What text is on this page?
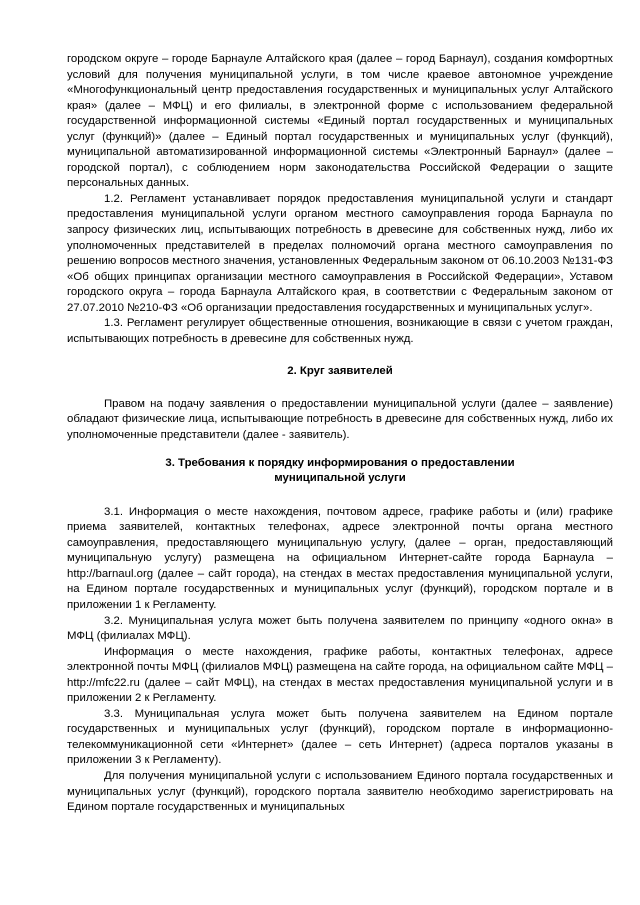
городском округе – городе Барнауле Алтайского края (далее – город Барнаул), создания комфортных условий для получения муниципальной услуги, в том числе краевое автономное учреждение «Многофункциональный центр предоставления государственных и муниципальных услуг Алтайского края» (далее – МФЦ) и его филиалы, в электронной форме с использованием федеральной государственной информационной системы «Единый портал государственных и муниципальных услуг (функций)» (далее – Единый портал государственных и муниципальных услуг (функций), муниципальной автоматизированной информационной системы «Электронный Барнаул» (далее – городской портал), с соблюдением норм законодательства Российской Федерации о защите персональных данных.

1.2. Регламент устанавливает порядок предоставления муниципальной услуги и стандарт предоставления муниципальной услуги органом местного самоуправления города Барнаула по запросу физических лиц, испытывающих потребность в древесине для собственных нужд, либо их уполномоченных представителей в пределах полномочий органа местного самоуправления по решению вопросов местного значения, установленных Федеральным законом от 06.10.2003 №131-ФЗ «Об общих принципах организации местного самоуправления в Российской Федерации», Уставом городского округа – города Барнаула Алтайского края, в соответствии с Федеральным законом от 27.07.2010 №210-ФЗ «Об организации предоставления государственных и муниципальных услуг».

1.3. Регламент регулирует общественные отношения, возникающие в связи с учетом граждан, испытывающих потребность в древесине для собственных нужд.

2. Круг заявителей

Правом на подачу заявления о предоставлении муниципальной услуги (далее – заявление) обладают физические лица, испытывающие потребность в древесине для собственных нужд, либо их уполномоченные представители (далее - заявитель).

3. Требования к порядку информирования о предоставлении
муниципальной услуги

3.1. Информация о месте нахождения, почтовом адресе, графике работы и (или) графике приема заявителей, контактных телефонах, адресе электронной почты органа местного самоуправления, предоставляющего муниципальную услугу, (далее – орган, предоставляющий муниципальную услугу) размещена на официальном Интернет-сайте города Барнаула – http://barnaul.org (далее – сайт города), на стендах в местах предоставления муниципальной услуги, на Едином портале государственных и муниципальных услуг (функций), городском портале и в приложении 1 к Регламенту.

3.2. Муниципальная услуга может быть получена заявителем по принципу «одного окна» в МФЦ (филиалах МФЦ).

Информация о месте нахождения, графике работы, контактных телефонах, адресе электронной почты МФЦ (филиалов МФЦ) размещена на сайте города, на официальном сайте МФЦ – http://mfc22.ru (далее – сайт МФЦ), на стендах в местах предоставления муниципальной услуги и в приложении 2 к Регламенту.

3.3. Муниципальная услуга может быть получена заявителем на Едином портале государственных и муниципальных услуг (функций), городском портале в информационно-телекоммуникационной сети «Интернет» (далее – сеть Интернет) (адреса порталов указаны в приложении 3 к Регламенту).

Для получения муниципальной услуги с использованием Единого портала государственных и муниципальных услуг (функций), городского портала заявителю необходимо зарегистрировать на Едином портале государственных и муниципальных
